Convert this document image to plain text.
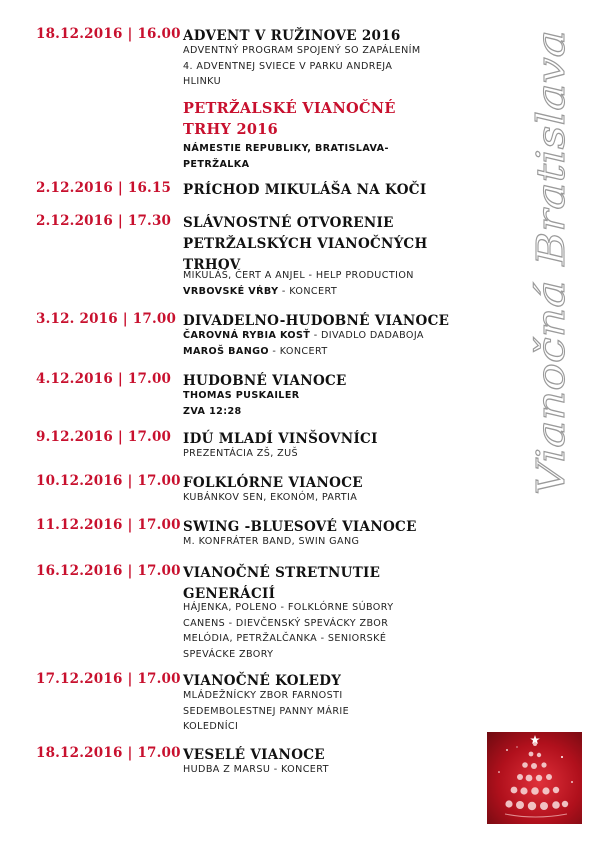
18.12.2016 | 16.00 ADVENT V RUŽINOVE 2016
ADVENTNÝ PROGRAM SPOJENÝ SO ZAPÁLENÍM
4. ADVENTNEJ SVIECE V PARKU ANDREJA
HLINKU
PETRŽALSKÉ VIANOČNÉ TRHY 2016
NÁMESTIE REPUBLIKY, BRATISLAVA-
PETRŽALKA
2.12.2016 | 16.15 PRÍCHOD MIKULÁŠA NA KOČI
2.12.2016 | 17.30 SLÁVNOSTNÉ OTVORENIE PETRŽALSKÝCH VIANOČNÝCH TRHOV
MIKULÁŠ, ČERT A ANJEL - HELP PRODUCTION
VRBOVSKÉ VŔBY - KONCERT
3.12. 2016 | 17.00 DIVADELNO-HUDOBNÉ VIANOCE
ČAROVNÁ RYBIA KOSŤ - DIVADLO DADABOJA
MAROŠ BANGO - KONCERT
4.12.2016 | 17.00 HUDOBNÉ VIANOCE
THOMAS PUSKAILER
ZVA 12:28
9.12.2016 | 17.00 IDÚ MLADÍ VINŠOVNÍCI
PREZENTÁCIA ZŠ, ZUŠ
10.12.2016 | 17.00 FOLKLÓRNE VIANOCE
KUBÁNKOV SEN, EKONÓM, PARTIA
11.12.2016 | 17.00 SWING -BLUESOVÉ VIANOCE
M. KONFRÁTER BAND, SWIN GANG
16.12.2016 | 17.00 VIANOČNÉ STRETNUTIE GENERÁCIÍ
HÁJENKA, POLENO - FOLKLÓRNE SÚBORY
CANENS - DIEVČENSKÝ SPEVÁCKY ZBOR
MELÓDIA, PETRŽALČANKA - SENIORSKÉ
SPEVÁCKE ZBORY
17.12.2016 | 17.00 VIANOČNÉ KOLEDY
MLÁDEŽNÍCKY ZBOR FARNOSTI
SEDEMBOLESTNEJ PANNY MÁRIE
KOLEDNÍCI
18.12.2016 | 17.00 VESELÉ VIANOCE
HUDBA Z MARSU - KONCERT
Vianočná Bratislava
